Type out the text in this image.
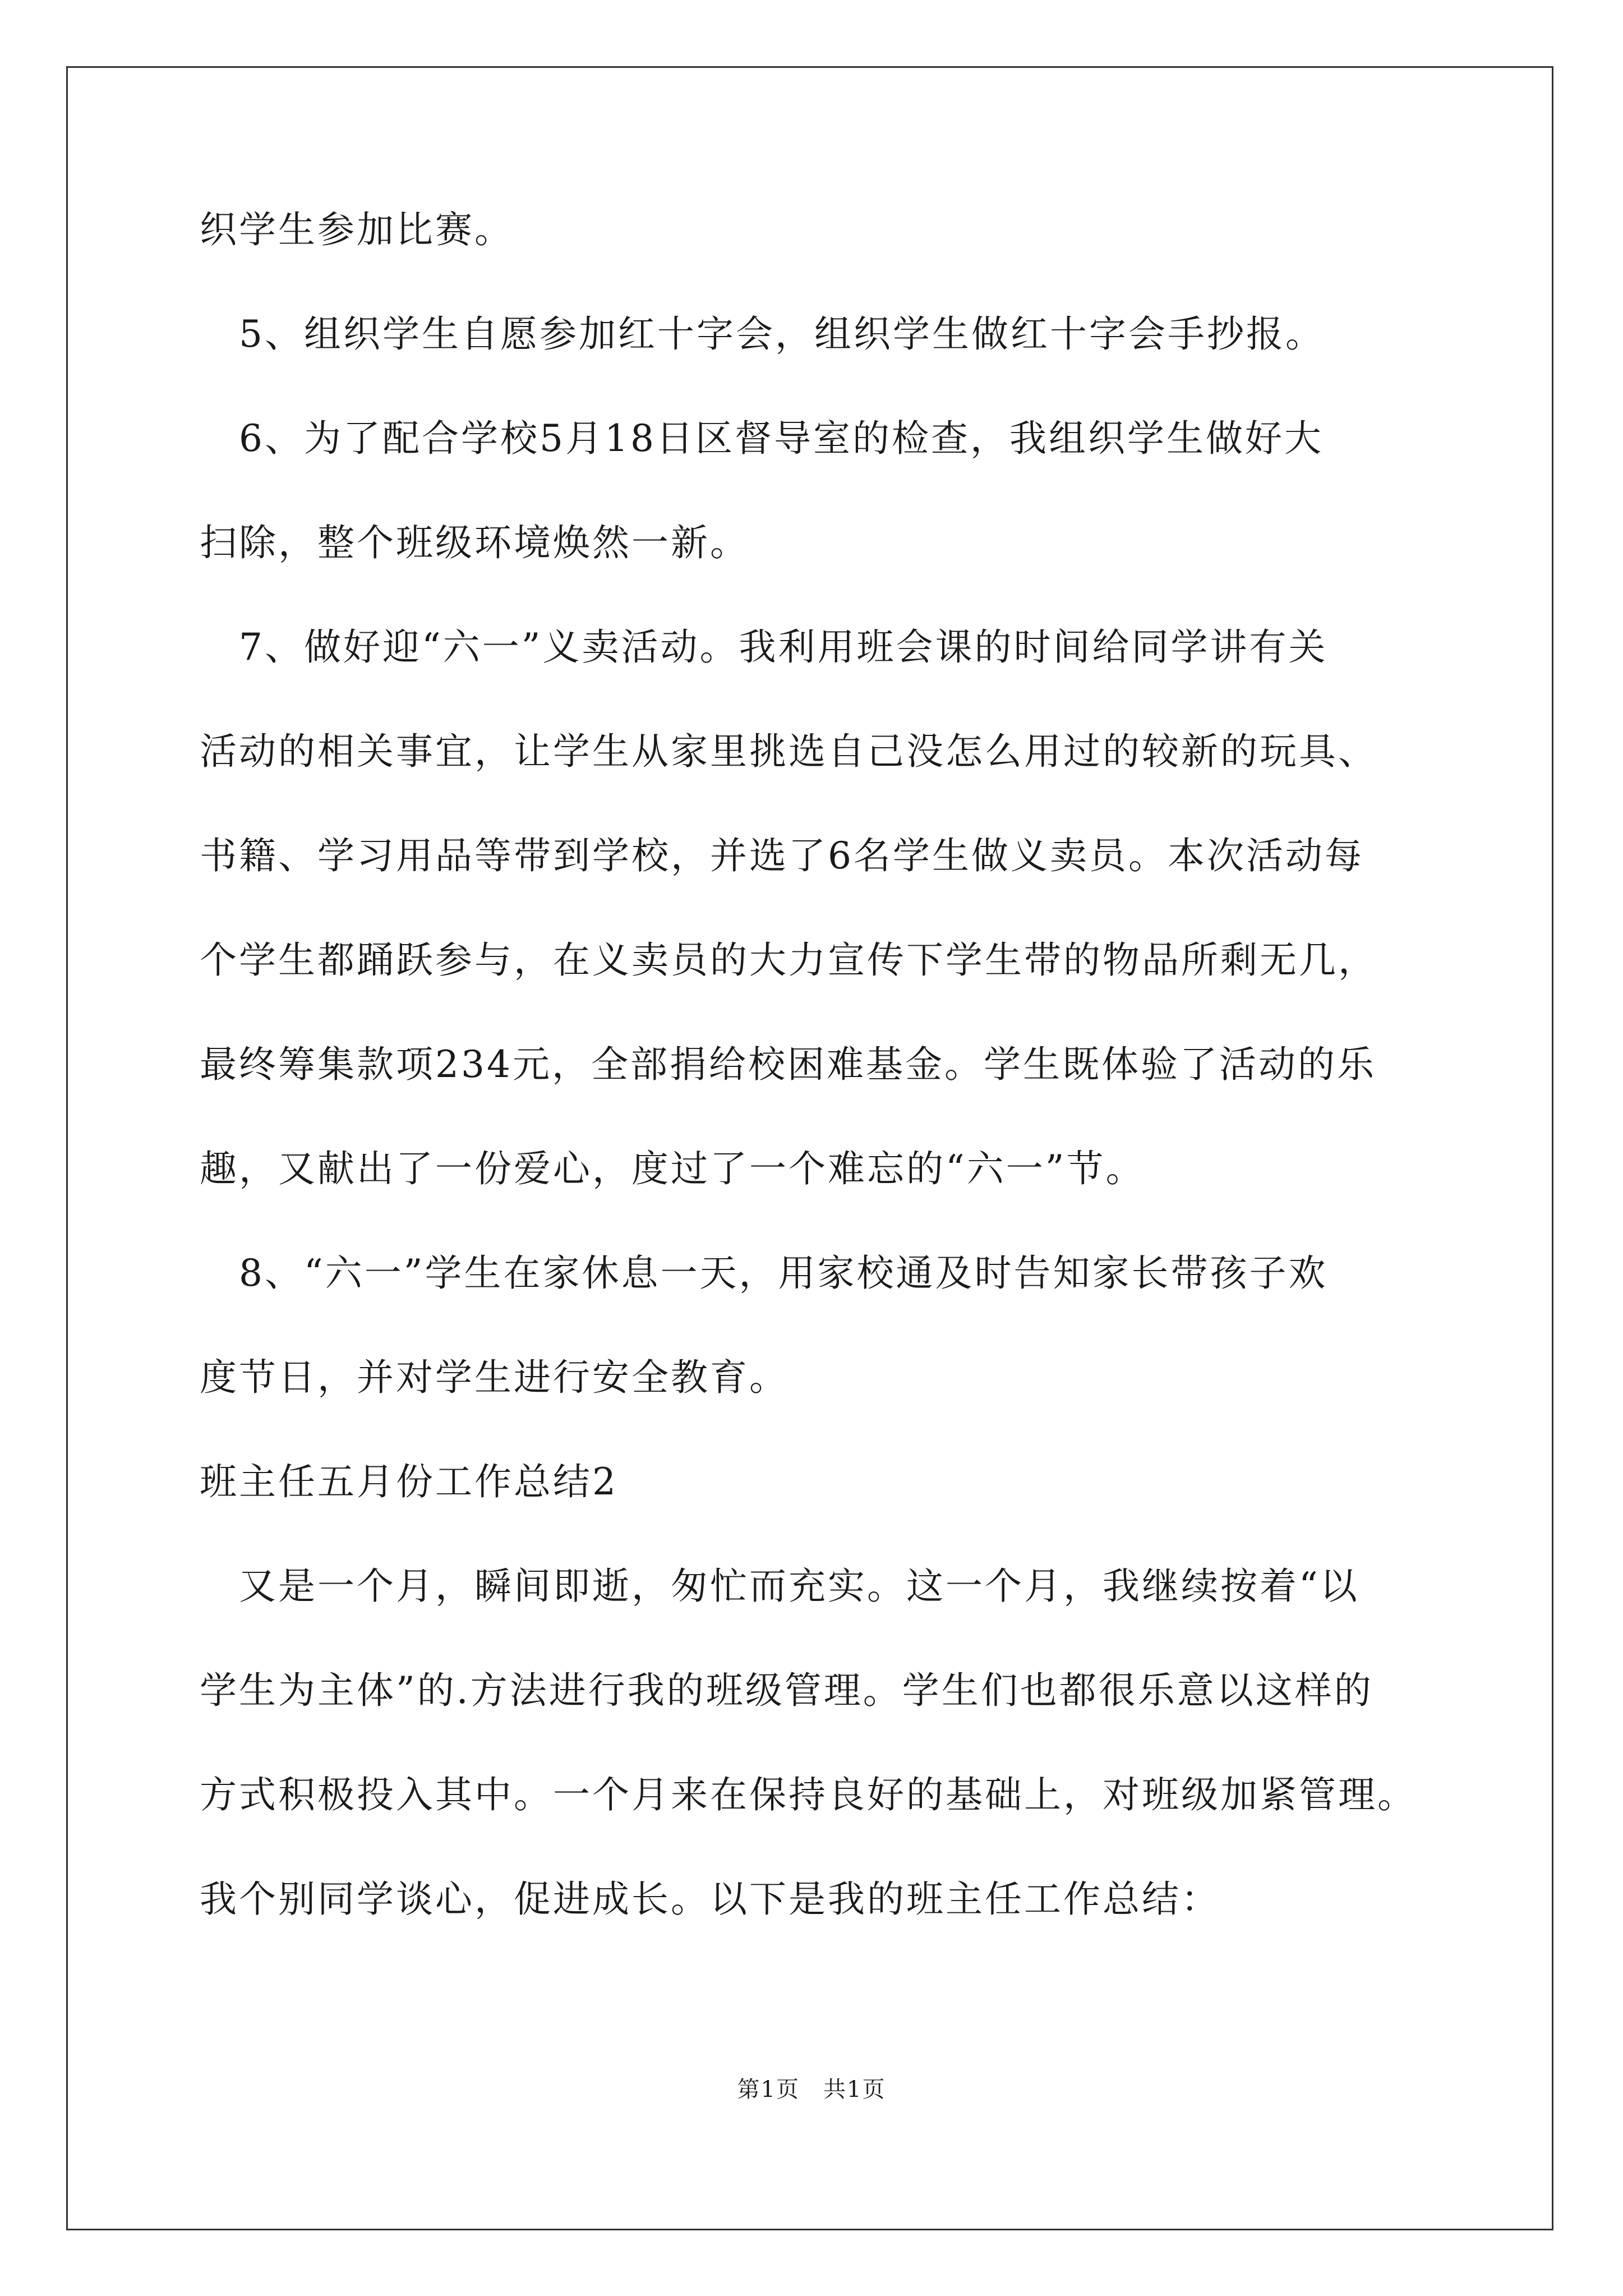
织学生参加比赛。
　5、组织学生自愿参加红十字会，组织学生做红十字会手抄报。
　6、为了配合学校5月18日区督导室的检查，我组织学生做好大
扫除，整个班级环境焕然一新。
　7、做好迎“六一”义卖活动。我利用班会课的时间给同学讲有关
活动的相关事宜，让学生从家里挑选自己没怎么用过的较新的玩具、
书籍、学习用品等带到学校，并选了6名学生做义卖员。本次活动每
个学生都踊跃参与，在义卖员的大力宣传下学生带的物品所剩无几，
最终筹集款项234元，全部捐给校困难基金。学生既体验了活动的乐
趣，又献出了一份爱心，度过了一个难忘的“六一”节。
　8、“六一”学生在家休息一天，用家校通及时告知家长带孩子欢
度节日，并对学生进行安全教育。
班主任五月份工作总结2
　又是一个月，瞬间即逝，匆忙而充实。这一个月，我继续按着“以
学生为主体”的.方法进行我的班级管理。学生们也都很乐意以这样的
方式积极投入其中。一个月来在保持良好的基础上，对班级加紧管理。
我个别同学谈心，促进成长。以下是我的班主任工作总结：
第1页　共1页
